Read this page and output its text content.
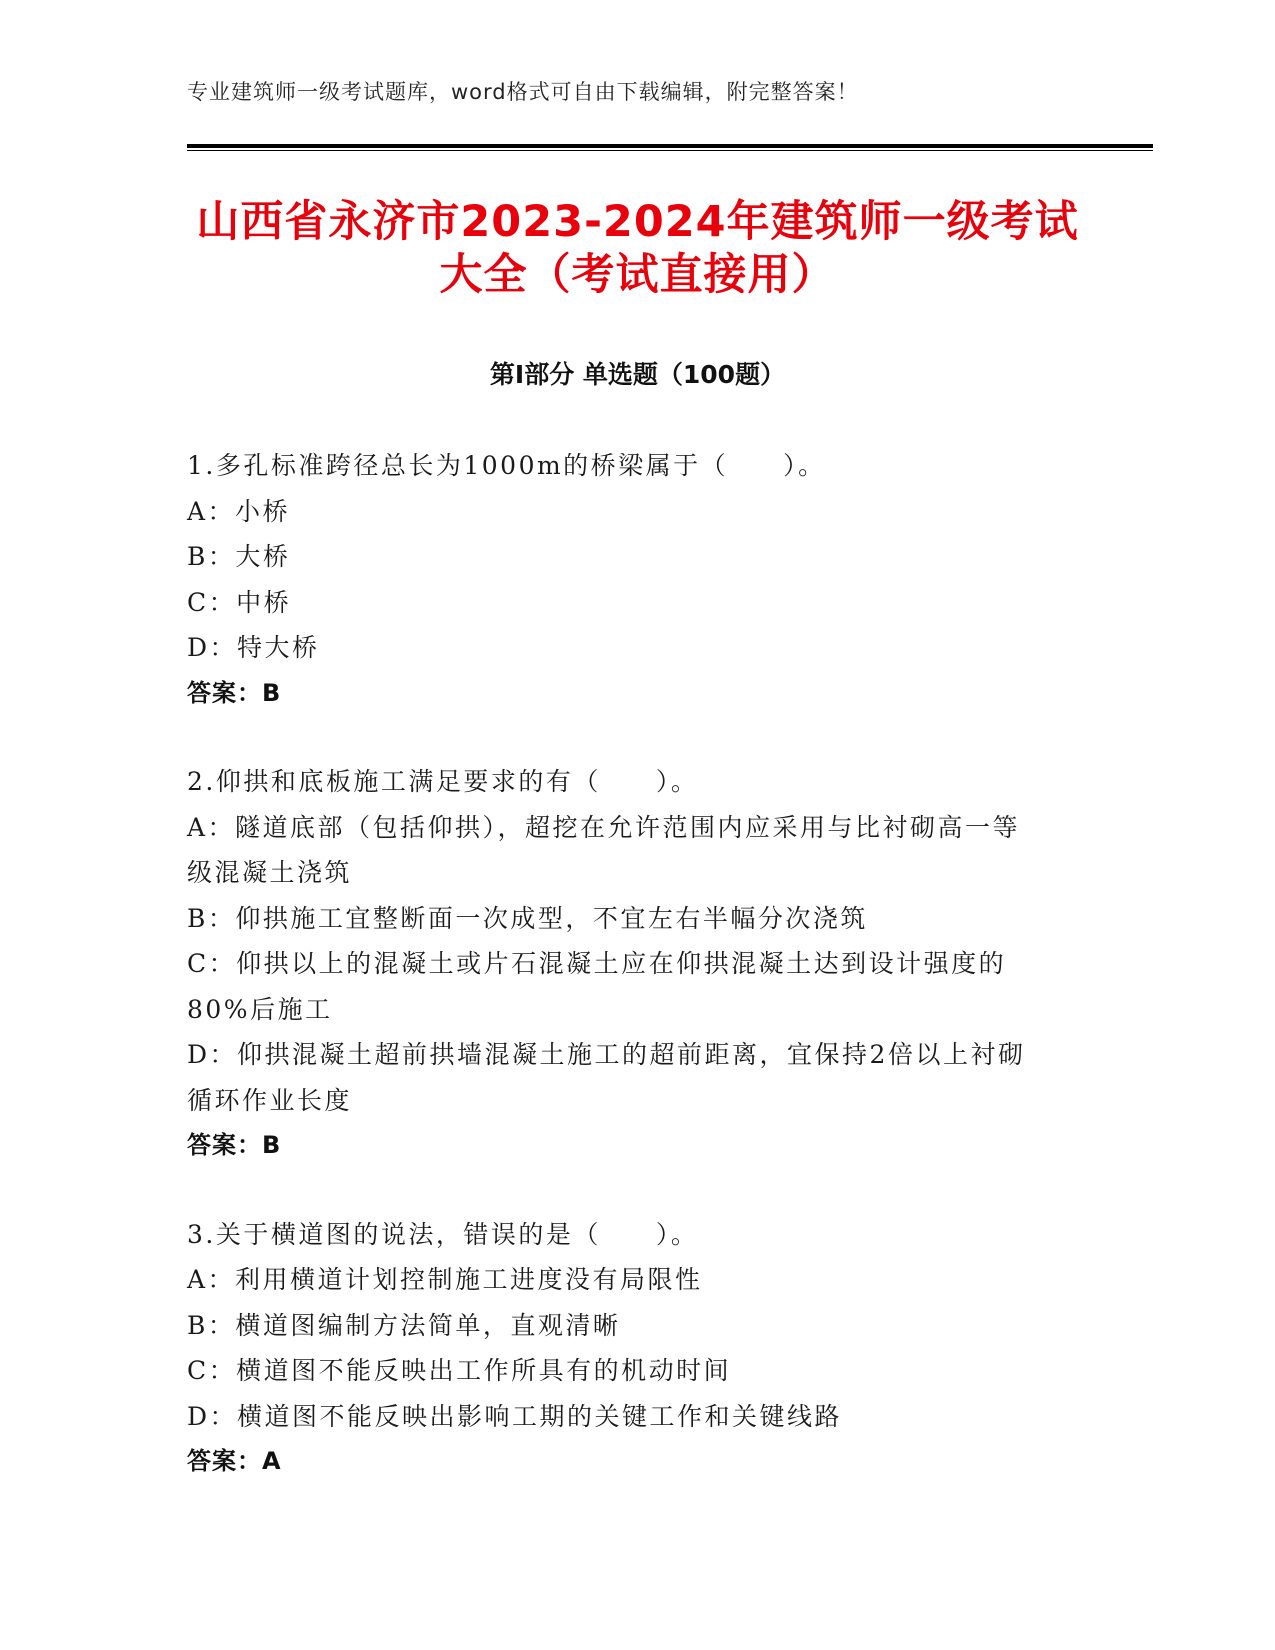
专业建筑师一级考试题库，word格式可自由下载编辑，附完整答案！
山西省永济市2023-2024年建筑师一级考试
大全（考试直接用）
第Ⅰ部分 单选题（100题）
1.多孔标准跨径总长为1000m的桥梁属于（　　）。
A：小桥
B：大桥
C：中桥
D：特大桥
答案：B
2.仰拱和底板施工满足要求的有（　　）。
A：隧道底部（包括仰拱），超挖在允许范围内应采用与比衬砌高一等
级混凝土浇筑
B：仰拱施工宜整断面一次成型，不宜左右半幅分次浇筑
C：仰拱以上的混凝土或片石混凝土应在仰拱混凝土达到设计强度的
80%后施工
D：仰拱混凝土超前拱墙混凝土施工的超前距离，宜保持2倍以上衬砌
循环作业长度
答案：B
3.关于横道图的说法，错误的是（　　）。
A：利用横道计划控制施工进度没有局限性
B：横道图编制方法简单，直观清晰
C：横道图不能反映出工作所具有的机动时间
D：横道图不能反映出影响工期的关键工作和关键线路
答案：A
